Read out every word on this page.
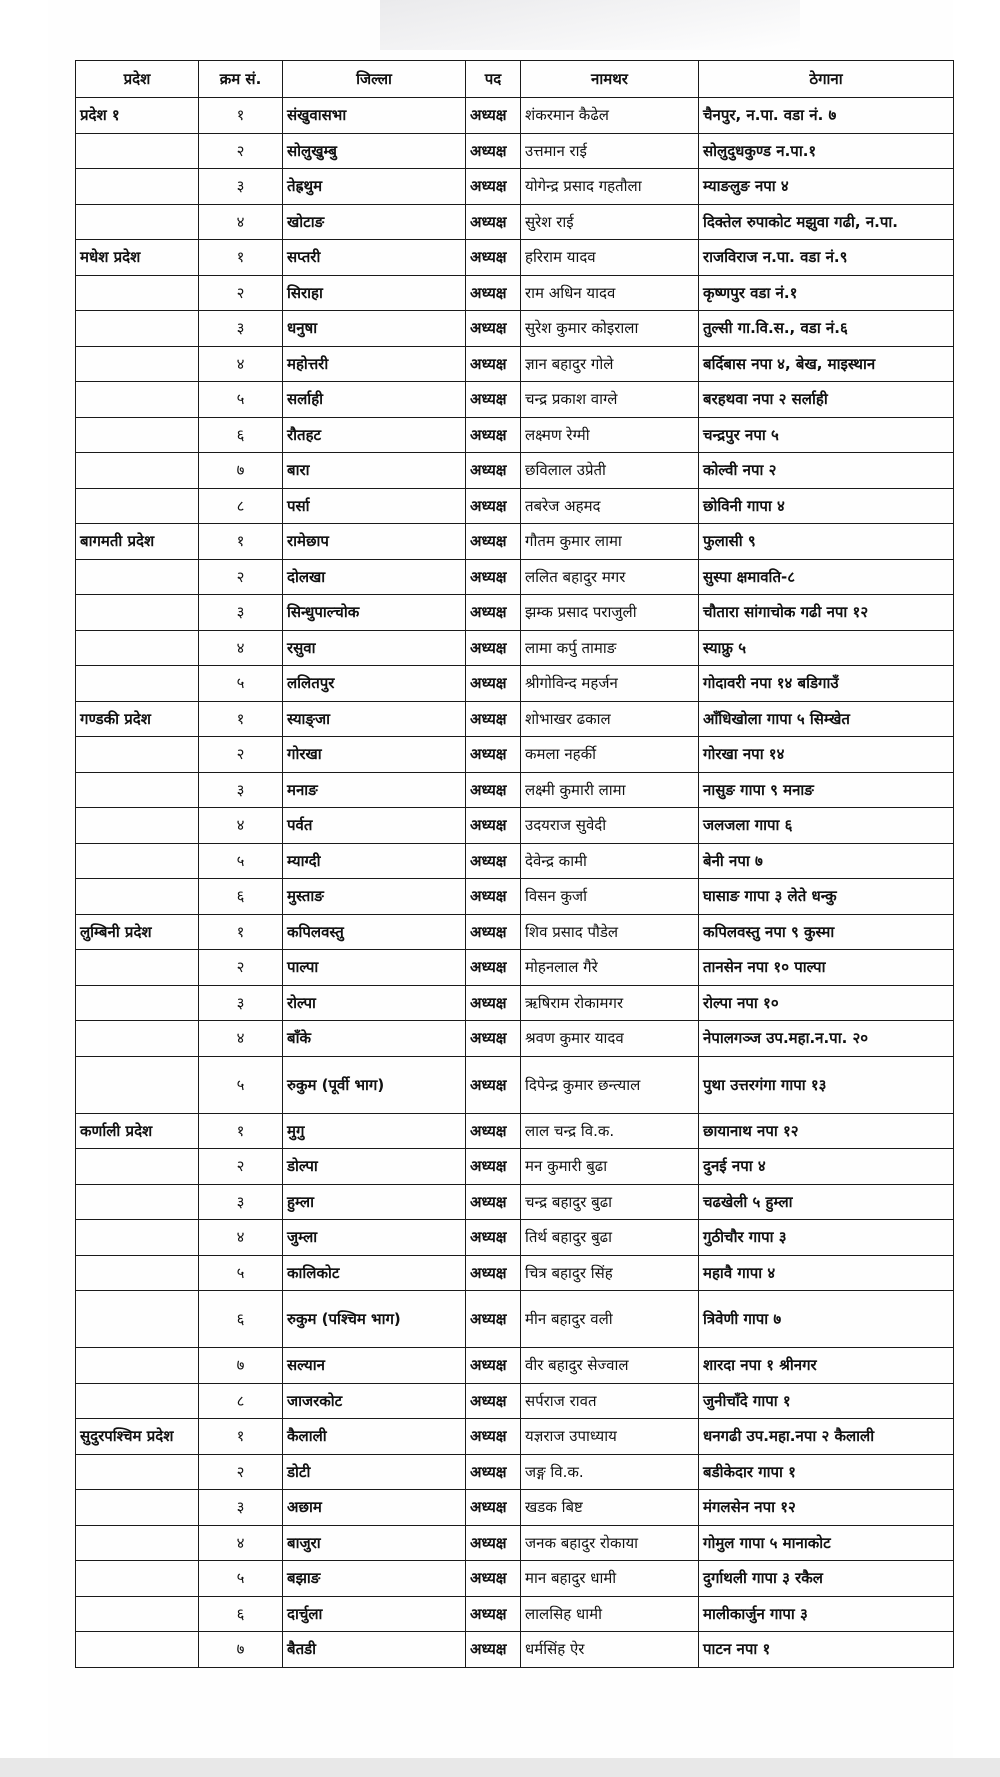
प्रदेश	क्रम सं.	जिल्ला	पद	नामथर	ठेगाना
प्रदेश १	१	संखुवासभा	अध्यक्ष	शंकरमान कैढेल	चैनपुर, न.पा. वडा नं. ७
	२	सोलुखुम्बु	अध्यक्ष	उत्तमान राई	सोलुदुधकुण्ड न.पा.१
	३	तेह्रथुम	अध्यक्ष	योगेन्द्र प्रसाद गहतौला	म्याङलुङ नपा ४
	४	खोटाङ	अध्यक्ष	सुरेश राई	दिक्तेल रुपाकोट मझुवा गढी, न.पा.
मधेश प्रदेश	१	सप्तरी	अध्यक्ष	हरिराम यादव	राजविराज न.पा. वडा नं.९
	२	सिराहा	अध्यक्ष	राम अधिन यादव	कृष्णपुर वडा नं.१
	३	धनुषा	अध्यक्ष	सुरेश कुमार कोइराला	तुल्सी गा.वि.स., वडा नं.६
	४	महोत्तरी	अध्यक्ष	ज्ञान बहादुर गोले	बर्दिबास नपा ४, बेख, माइस्थान
	५	सर्लाही	अध्यक्ष	चन्द्र प्रकाश वाग्ले	बरहथवा नपा २ सर्लाही
	६	रौतहट	अध्यक्ष	लक्ष्मण रेग्मी	चन्द्रपुर नपा ५
	७	बारा	अध्यक्ष	छविलाल उप्रेती	कोल्वी नपा २
	८	पर्सा	अध्यक्ष	तबरेज अहमद	छोविनी गापा ४
बागमती प्रदेश	१	रामेछाप	अध्यक्ष	गौतम कुमार लामा	फुलासी ९
	२	दोलखा	अध्यक्ष	ललित बहादुर मगर	सुस्पा क्षमावति-८
	३	सिन्धुपाल्चोक	अध्यक्ष	झम्क प्रसाद पराजुली	चौतारा सांगाचोक गढी नपा १२
	४	रसुवा	अध्यक्ष	लामा कर्पु तामाङ	स्याफ्रु ५
	५	ललितपुर	अध्यक्ष	श्रीगोविन्द महर्जन	गोदावरी नपा १४ बडिगाउँ
गण्डकी प्रदेश	१	स्याङ्जा	अध्यक्ष	शोभाखर ढकाल	आँधिखोला गापा ५ सिम्खेत
	२	गोरखा	अध्यक्ष	कमला नहर्की	गोरखा नपा १४
	३	मनाङ	अध्यक्ष	लक्ष्मी कुमारी लामा	नासुङ गापा ९ मनाङ
	४	पर्वत	अध्यक्ष	उदयराज सुवेदी	जलजला गापा ६
	५	म्याग्दी	अध्यक्ष	देवेन्द्र कामी	बेनी नपा ७
	६	मुस्ताङ	अध्यक्ष	विसन कुर्जा	घासाङ गापा ३ लेते धन्कु
लुम्बिनी प्रदेश	१	कपिलवस्तु	अध्यक्ष	शिव प्रसाद पौडेल	कपिलवस्तु नपा ९ कुस्मा
	२	पाल्पा	अध्यक्ष	मोहनलाल गैरे	तानसेन नपा १० पाल्पा
	३	रोल्पा	अध्यक्ष	ऋषिराम रोकामगर	रोल्पा नपा १०
	४	बाँके	अध्यक्ष	श्रवण कुमार यादव	नेपालगञ्ज उप.महा.न.पा. २०
	५	रुकुम (पूर्वी भाग)	अध्यक्ष	दिपेन्द्र कुमार छन्त्याल	पुथा उत्तरगंगा गापा १३
कर्णाली प्रदेश	१	मुगु	अध्यक्ष	लाल चन्द्र वि.क.	छायानाथ नपा १२
	२	डोल्पा	अध्यक्ष	मन कुमारी बुढा	दुनई नपा ४
	३	हुम्ला	अध्यक्ष	चन्द्र बहादुर बुढा	चढखेली ५ हुम्ला
	४	जुम्ला	अध्यक्ष	तिर्थ बहादुर बुढा	गुठीचौर गापा ३
	५	कालिकोट	अध्यक्ष	चित्र बहादुर सिंह	महावै गापा ४
	६	रुकुम (पश्चिम भाग)	अध्यक्ष	मीन बहादुर वली	त्रिवेणी गापा ७
	७	सल्यान	अध्यक्ष	वीर बहादुर सेज्वाल	शारदा नपा १ श्रीनगर
	८	जाजरकोट	अध्यक्ष	सर्पराज रावत	जुनीचाँदे गापा १
सुदुरपश्चिम प्रदेश	१	कैलाली	अध्यक्ष	यज्ञराज उपाध्याय	धनगढी उप.महा.नपा २ कैलाली
	२	डोटी	अध्यक्ष	जङ्ग वि.क.	बडीकेदार गापा १
	३	अछाम	अध्यक्ष	खडक बिष्ट	मंगलसेन नपा १२
	४	बाजुरा	अध्यक्ष	जनक बहादुर रोकाया	गोमुल गापा ५ मानाकोट
	५	बझाङ	अध्यक्ष	मान बहादुर धामी	दुर्गाथली गापा ३ रकैल
	६	दार्चुला	अध्यक्ष	लालसिह धामी	मालीकार्जुन गापा ३
	७	बैतडी	अध्यक्ष	धर्मसिंह ऐर	पाटन नपा १
